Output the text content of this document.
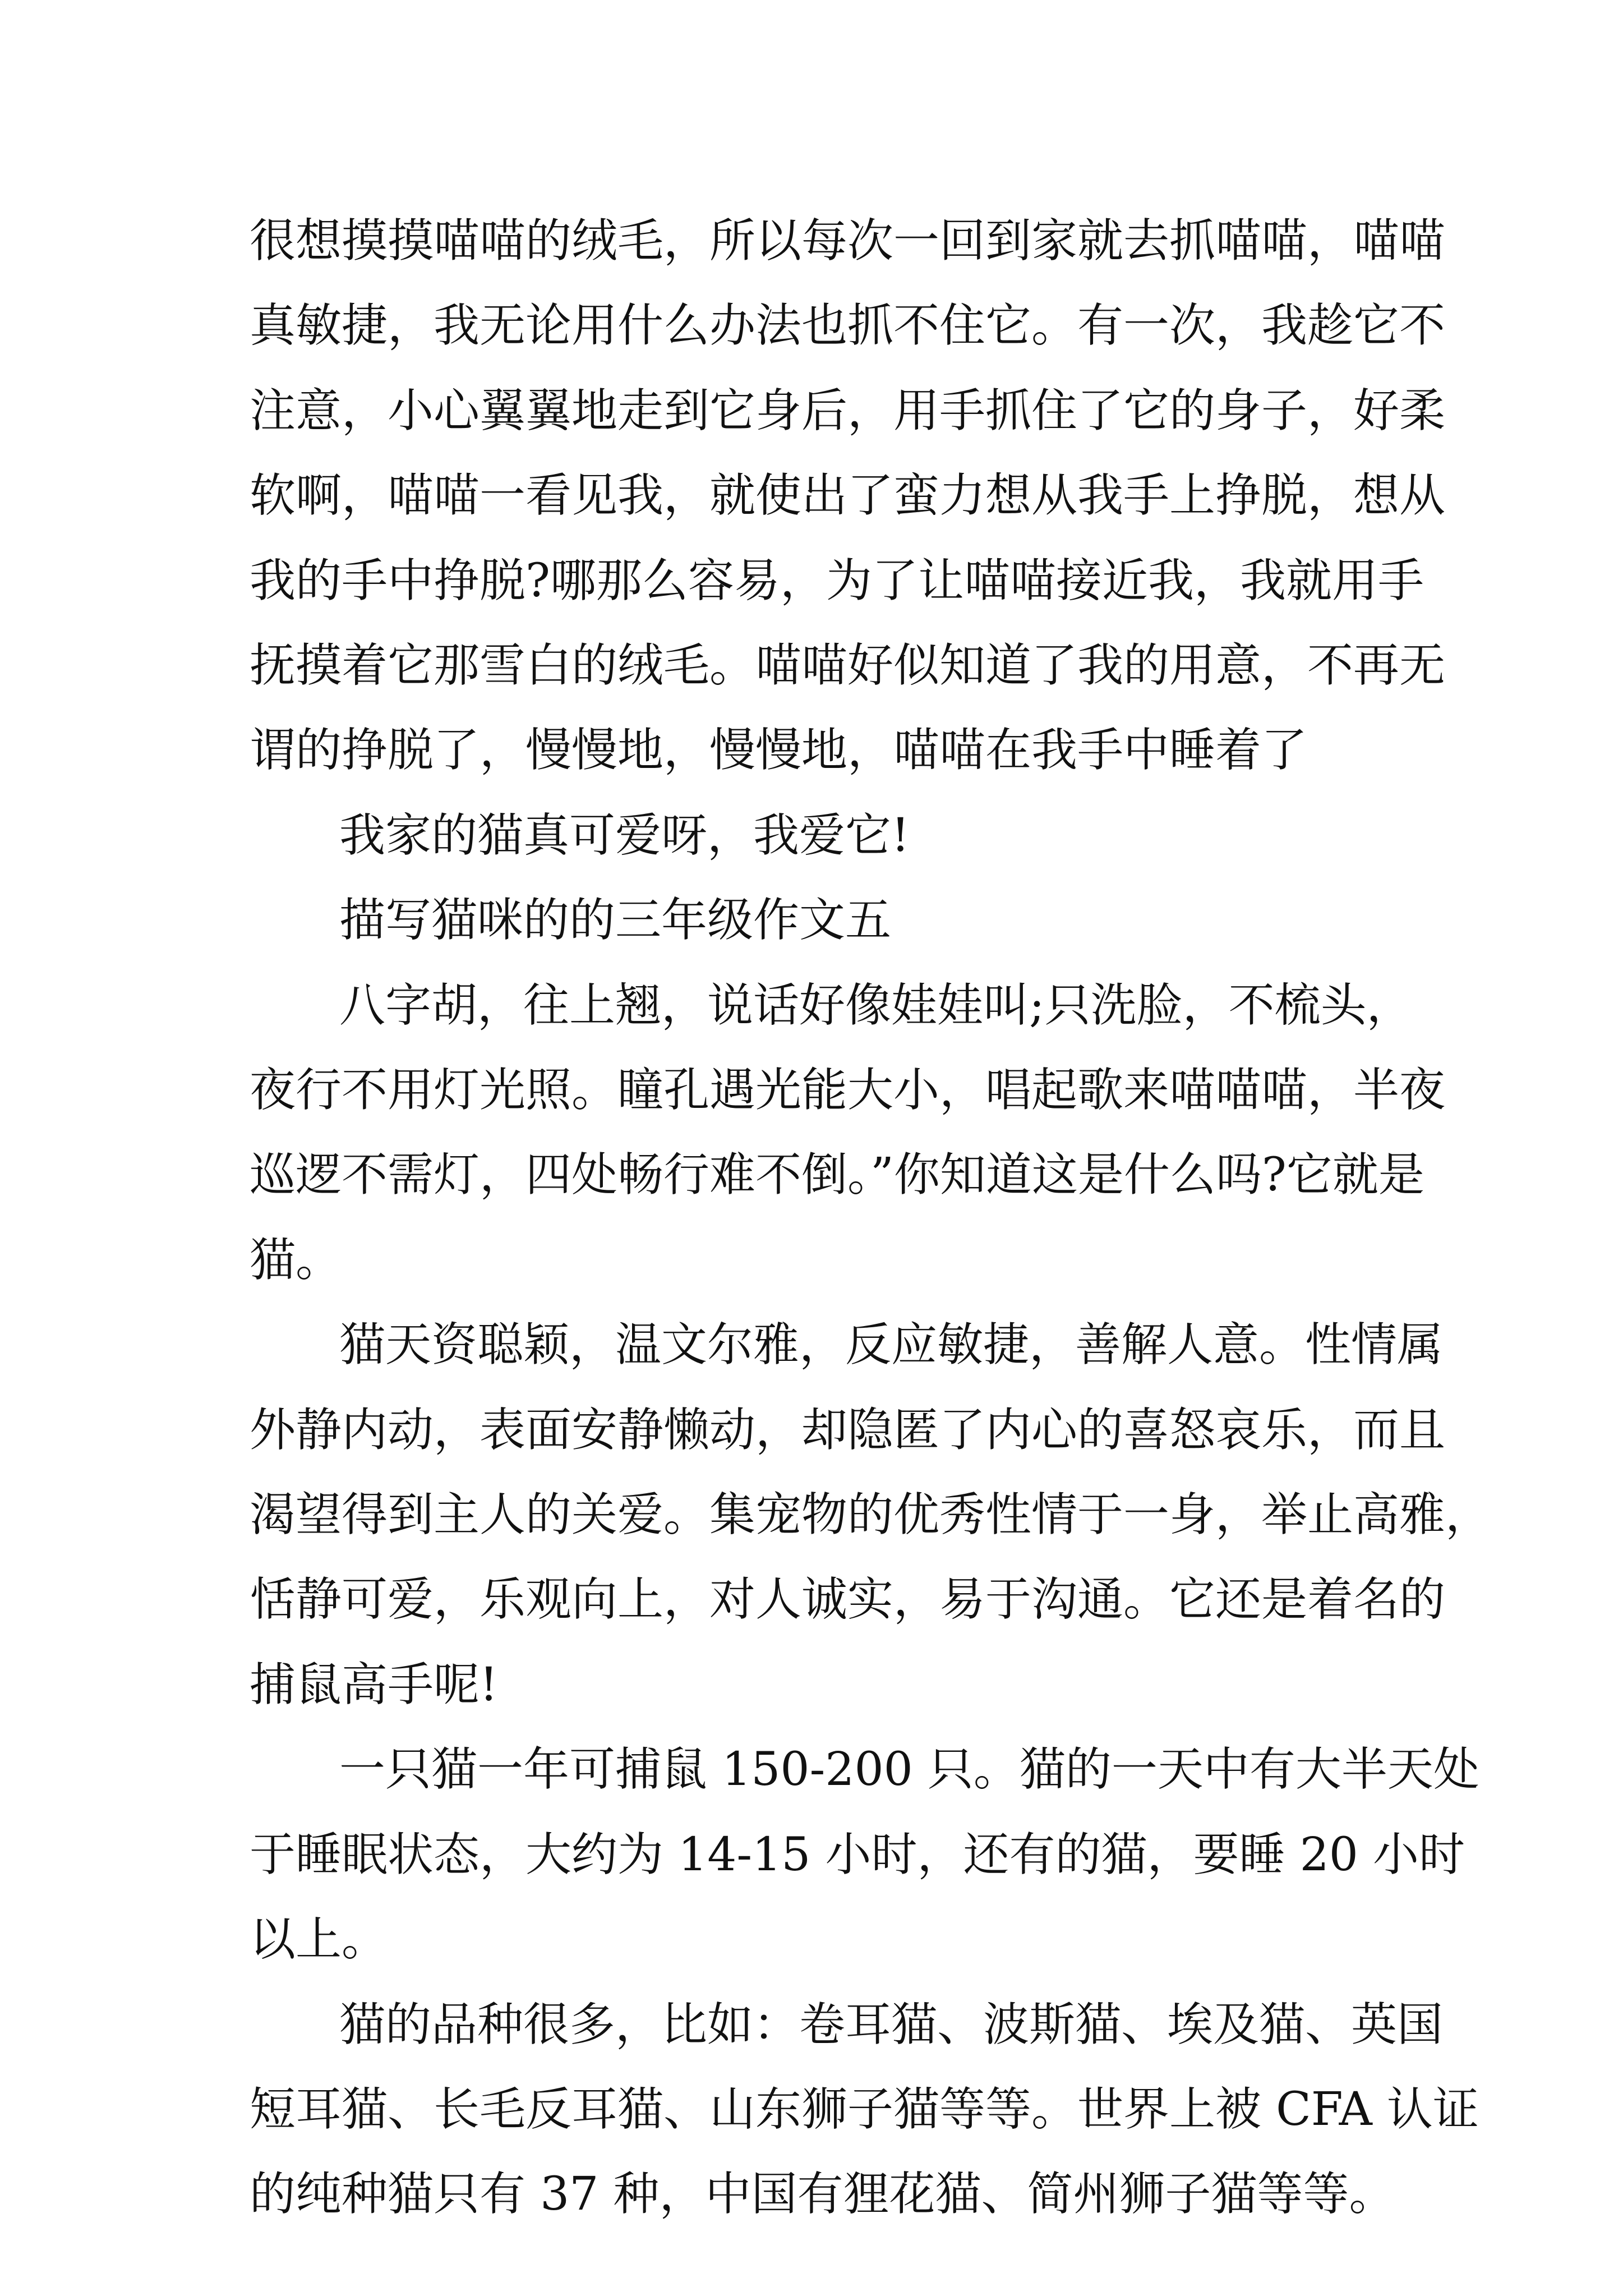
很想摸摸喵喵的绒毛，所以每次一回到家就去抓喵喵，喵喵

真敏捷，我无论用什么办法也抓不住它。有一次，我趁它不

注意，小心翼翼地走到它身后，用手抓住了它的身子，好柔

软啊，喵喵一看见我，就使出了蛮力想从我手上挣脱，想从

我的手中挣脱?哪那么容易，为了让喵喵接近我，我就用手

抚摸着它那雪白的绒毛。喵喵好似知道了我的用意，不再无

谓的挣脱了，慢慢地，慢慢地，喵喵在我手中睡着了

我家的猫真可爱呀，我爱它!

描写猫咪的的三年级作文五

八字胡，往上翘，说话好像娃娃叫;只洗脸，不梳头，

夜行不用灯光照。瞳孔遇光能大小，唱起歌来喵喵喵，半夜

巡逻不需灯，四处畅行难不倒。”你知道这是什么吗?它就是

猫。

猫天资聪颖，温文尔雅，反应敏捷，善解人意。性情属

外静内动，表面安静懒动，却隐匿了内心的喜怒哀乐，而且

渴望得到主人的关爱。集宠物的优秀性情于一身，举止高雅，

恬静可爱，乐观向上，对人诚实，易于沟通。它还是着名的

捕鼠高手呢!

一只猫一年可捕鼠 150-200 只。猫的一天中有大半天处

于睡眠状态，大约为 14-15 小时，还有的猫，要睡 20 小时

以上。

猫的品种很多，比如：卷耳猫、波斯猫、埃及猫、英国

短耳猫、长毛反耳猫、山东狮子猫等等。世界上被 CFA 认证

的纯种猫只有 37 种，中国有狸花猫、简州狮子猫等等。
